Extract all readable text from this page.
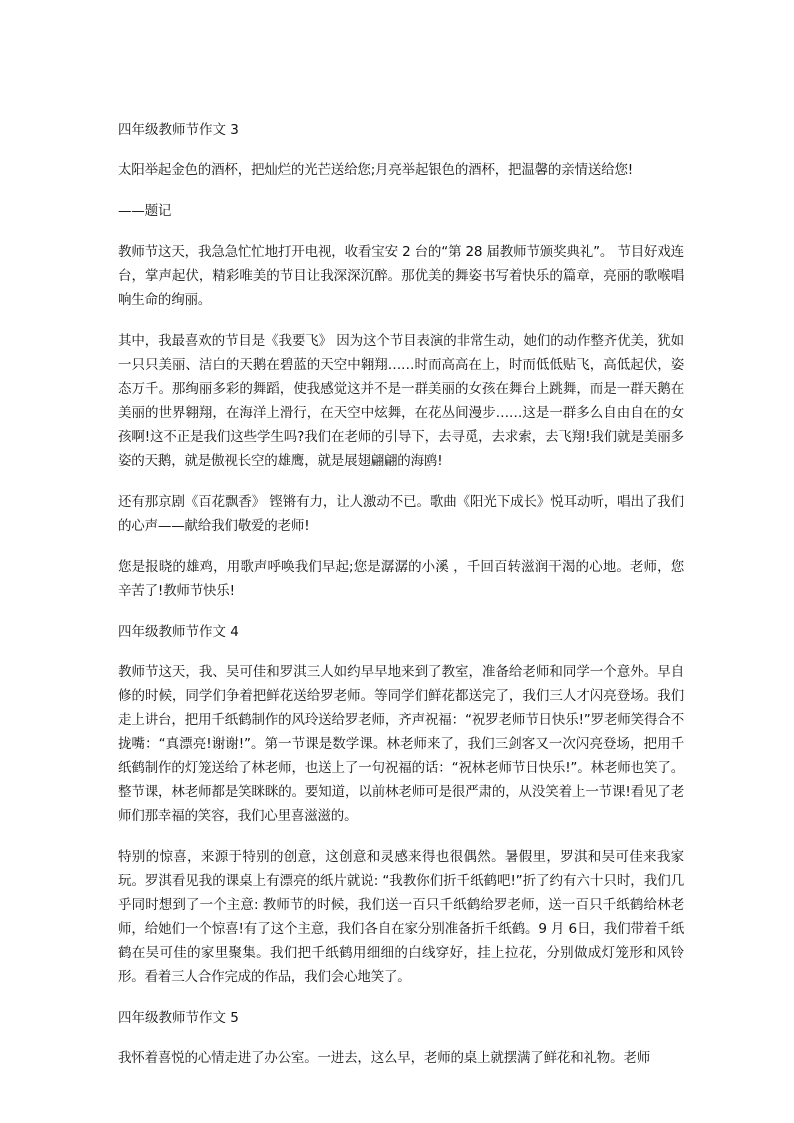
四年级教师节作文 3
太阳举起金色的酒杯，把灿烂的光芒送给您;月亮举起银色的酒杯，把温馨的亲情送给您!
——题记
教师节这天，我急急忙忙地打开电视，收看宝安 2 台的“第 28 届教师节颁奖典礼”。 节目好戏连台，掌声起伏，精彩唯美的节目让我深深沉醉。那优美的舞姿书写着快乐的篇章，亮丽的歌喉唱响生命的绚丽。
其中，我最喜欢的节目是《我要飞》 因为这个节目表演的非常生动，她们的动作整齐优美，犹如一只只美丽、洁白的天鹅在碧蓝的天空中翱翔……时而高高在上，时而低低贴飞，高低起伏，姿态万千。那绚丽多彩的舞蹈，使我感觉这并不是一群美丽的女孩在舞台上跳舞，而是一群天鹅在美丽的世界翱翔，在海洋上滑行，在天空中炫舞，在花丛间漫步……这是一群多么自由自在的女孩啊!这不正是我们这些学生吗?我们在老师的引导下，去寻觅，去求索，去飞翔!我们就是美丽多姿的天鹅，就是傲视长空的雄鹰，就是展翅翩翩的海鸥!
还有那京剧《百花飘香》 铿锵有力，让人激动不已。歌曲《阳光下成长》悦耳动听，唱出了我们的心声——献给我们敬爱的老师!
您是报晓的雄鸡，用歌声呼唤我们早起;您是潺潺的小溪 ，千回百转滋润干渴的心地。老师，您辛苦了!教师节快乐!
四年级教师节作文 4
教师节这天，我、吴可佳和罗淇三人如约早早地来到了教室，准备给老师和同学一个意外。早自修的时候，同学们争着把鲜花送给罗老师。等同学们鲜花都送完了，我们三人才闪亮登场。我们走上讲台，把用千纸鹤制作的风玲送给罗老师，齐声祝福：“祝罗老师节日快乐!”罗老师笑得合不拢嘴：“真漂亮!谢谢!”。第一节课是数学课。林老师来了，我们三剑客又一次闪亮登场，把用千纸鹤制作的灯笼送给了林老师，也送上了一句祝福的话：“祝林老师节日快乐!”。林老师也笑了。整节课，林老师都是笑眯眯的。要知道，以前林老师可是很严肃的，从没笑着上一节课!看见了老师们那幸福的笑容，我们心里喜滋滋的。
特别的惊喜，来源于特别的创意，这创意和灵感来得也很偶然。暑假里，罗淇和吴可佳来我家玩。罗淇看见我的课桌上有漂亮的纸片就说: “我教你们折千纸鹤吧!”折了约有六十只时，我们几乎同时想到了一个主意: 教师节的时候，我们送一百只千纸鹤给罗老师，送一百只千纸鹤给林老师，给她们一个惊喜!有了这个主意，我们各自在家分别准备折千纸鹤。9 月 6日，我们带着千纸鹤在吴可佳的家里聚集。我们把千纸鹤用细细的白线穿好，挂上拉花，分别做成灯笼形和风铃形。看着三人合作完成的作品，我们会心地笑了。
四年级教师节作文 5
我怀着喜悦的心情走进了办公室。一进去，这么早，老师的桌上就摆满了鲜花和礼物。老师
